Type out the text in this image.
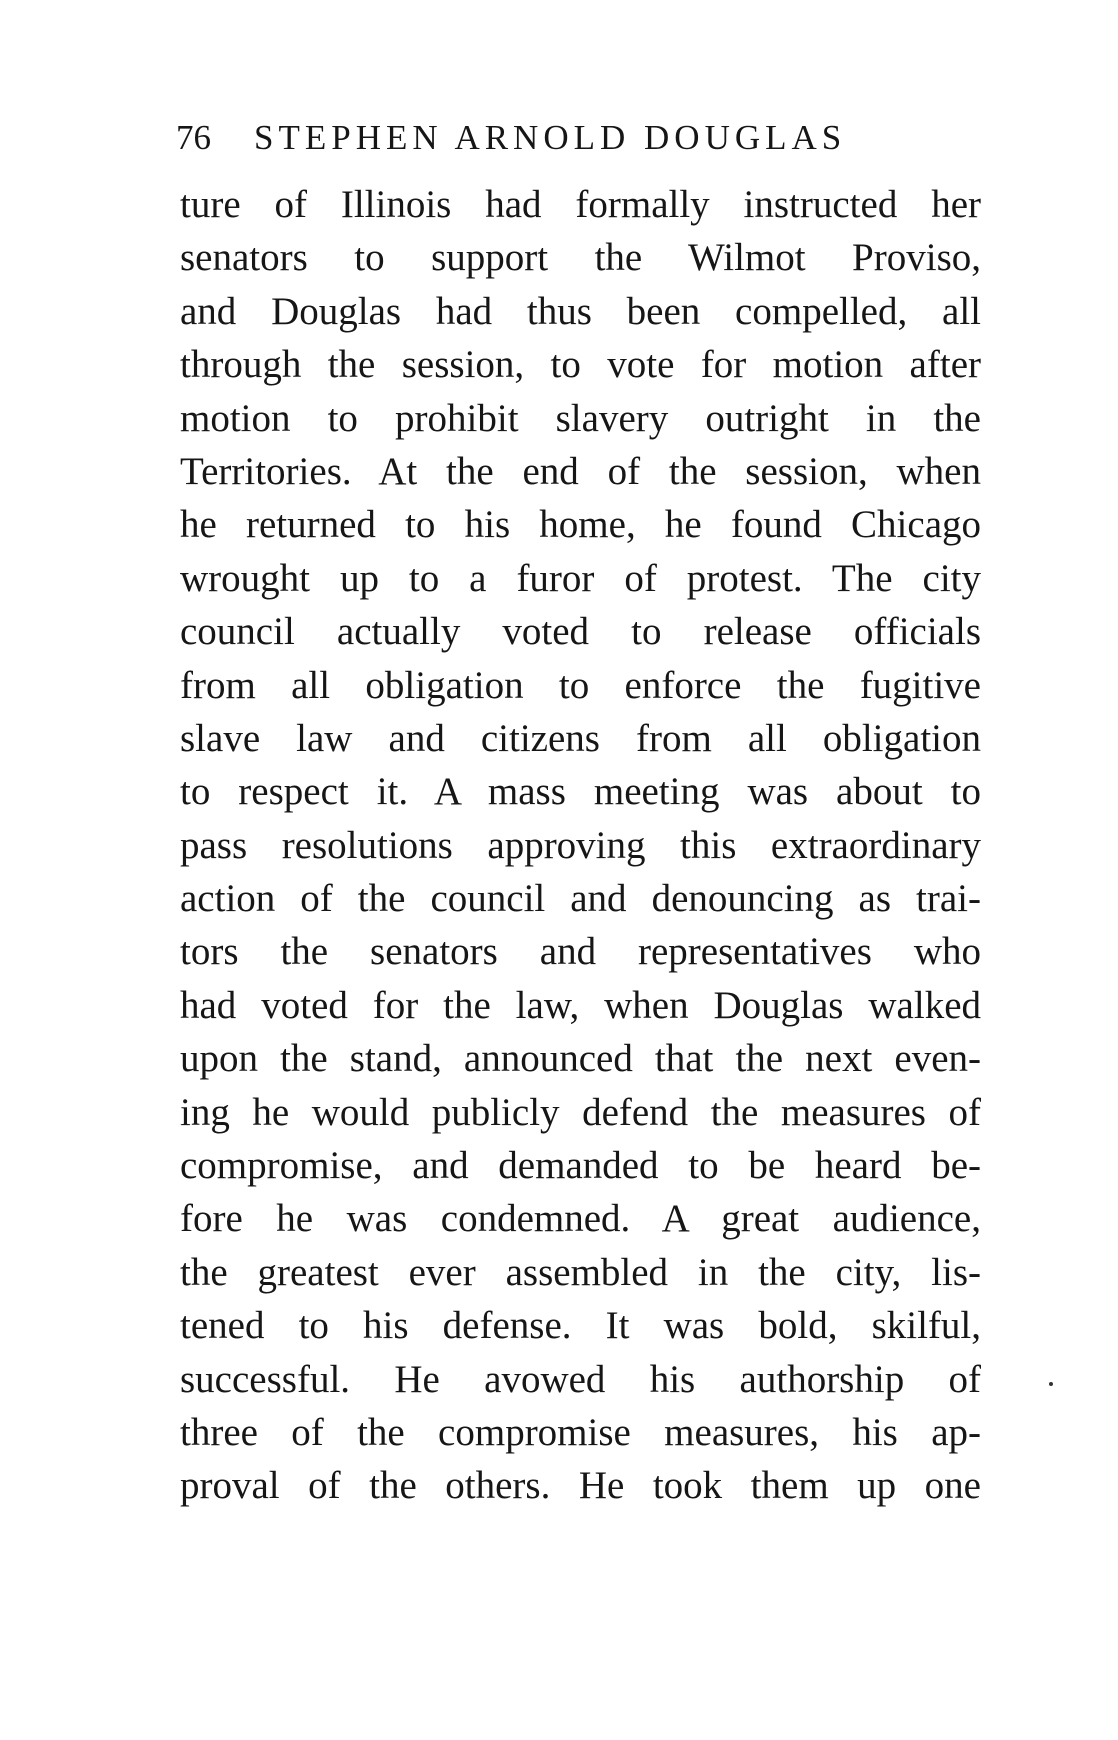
76 STEPHEN ARNOLD DOUGLAS
ture of Illinois had formally instructed her
senators to support the Wilmot Proviso,
and Douglas had thus been compelled, all
through the session, to vote for motion after
motion to prohibit slavery outright in the
Territories. At the end of the session, when
he returned to his home, he found Chicago
wrought up to a furor of protest. The city
council actually voted to release officials
from all obligation to enforce the fugitive
slave law and citizens from all obligation
to respect it. A mass meeting was about to
pass resolutions approving this extraordinary
action of the council and denouncing as trai-
tors the senators and representatives who
had voted for the law, when Douglas walked
upon the stand, announced that the next even-
ing he would publicly defend the measures of
compromise, and demanded to be heard be-
fore he was condemned. A great audience,
the greatest ever assembled in the city, lis-
tened to his defense. It was bold, skilful,
successful. He avowed his authorship of
three of the compromise measures, his ap-
proval of the others. He took them up one
